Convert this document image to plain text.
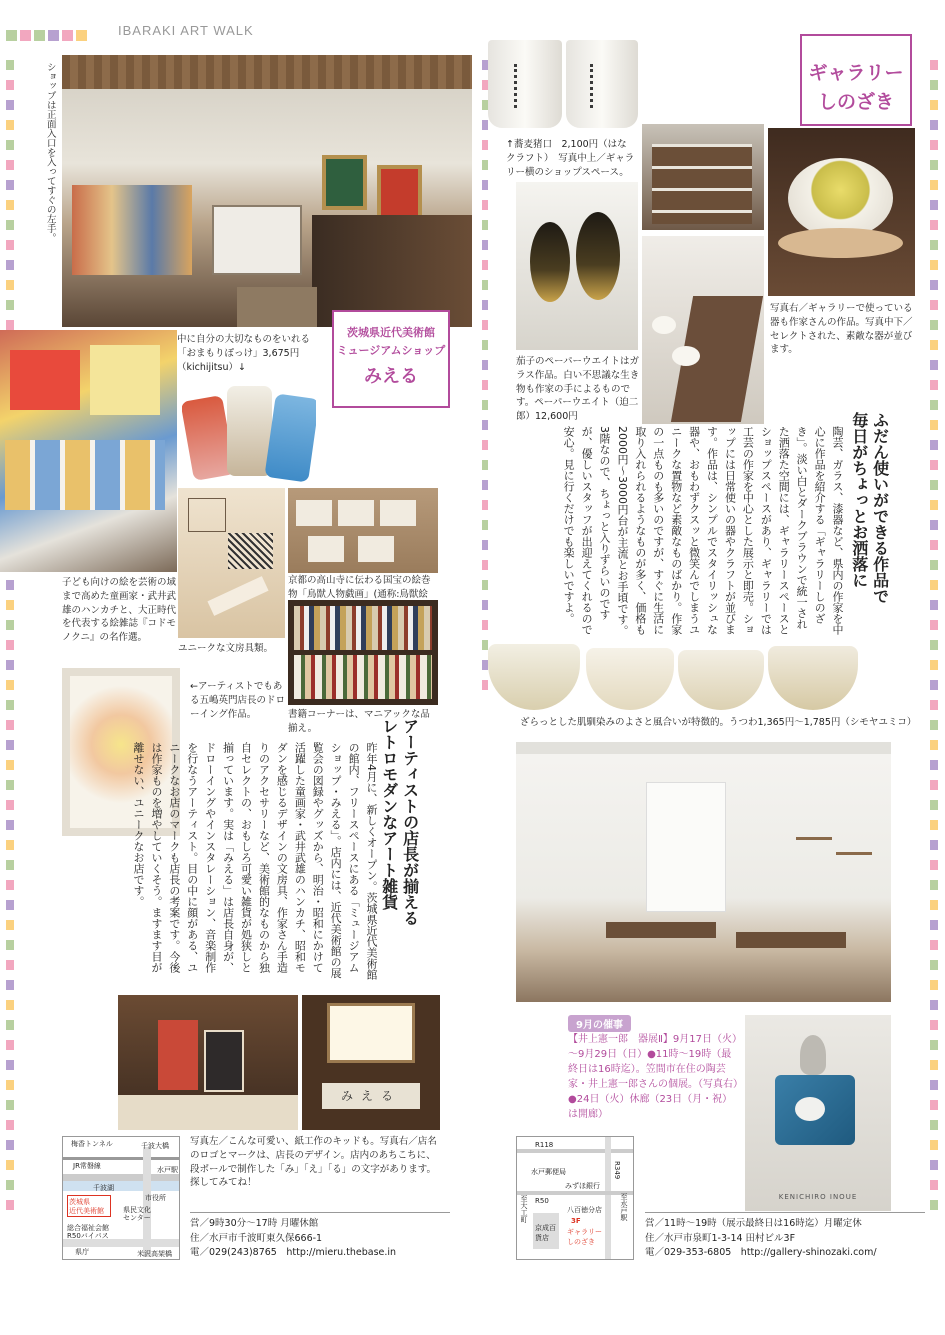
IBARAKI ART WALK
ショップは正面入口を入ってすぐの左手。
子ども向けの絵を芸術の域まで高めた童画家・武井武雄のハンカチと、大正時代を代表する絵雑誌『コドモノクニ』の名作選。
中に自分の大切なものをいれる「おまもりぽっけ」3,675円（kichijitsu）↓
茨城県近代美術館
ミュージアムショップ
みえる
ユニークな文房具類。
京都の高山寺に伝わる国宝の絵巻物「鳥獣人物戯画」(通称:鳥獣絵
書籍コーナーは、マニアックな品揃え。
←アーティストでもある五嶋英門店長のドローイング作品。
アーティストの店長が揃える
レトロモダンなアート雑貨
昨年4月に、新しくオープン。茨城県近代美術館の館内、フリースペースにある「ミュージアムショップ・みえる」。店内には、近代美術館の展覧会の図録やグッズから、明治・昭和にかけて活躍した童画家・武井武雄のハンカチ、昭和モダンを感じるデザインの文房具、作家さん手造りのアクセサリーなど、美術館的なものから独自セレクトの、おもしろ可愛い雑貨が処狭しと揃っています。実は「みえる」は店長自身が、ドローイングやインスタレーション、音楽制作を行なうアーティスト。目の中に顔がある、ユニークなお店のマークも店長の考案です。今後は作家ものを増やしていくそう。ますます目が離せない、ユニークなお店です。
みえる
写真左／こんな可愛い、紙工作のキッドも。写真右／店名のロゴとマークは、店長のデザイン。店内のあちこちに、段ボールで制作した「み」「え」「る」の文字があります。探してみてね！
梅香トンネル	千波大橋
JR常磐線	水戸駅
千波湖
市役所
茨城県
近代美術館	県民文化
センター
総合福祉会館
R50バイパス
県庁	米沢高架橋
営／9時30分～17時 月曜休館
住／水戸市千波町東久保666-1
電／029(243)8765　http://mieru.thebase.in
↑蕎麦猪口　2,100円（はなクラフト）　写真中上／ギャラリー横のショップスペース。
ギャラリー
しのざき
写真右／ギャラリーで使っている器も作家さんの作品。写真中下／セレクトされた、素敵な器が並びます。
茄子のペーパーウエイトはガラス作品。白い不思議な生き物も作家の手によるものです。ペーパーウエイト（迫二郎）12,600円	ふだん使いができる作品で
毎日がちょっとお洒落に
陶芸、ガラス、漆器など、県内の作家を中心に作品を紹介する「ギャラリーしのざき」。淡い白とダークブラウンで統一された洒落た空間には、ギャラリースペースとショップスペースがあり、ギャラリーでは工芸の作家を中心とした展示と即売。ショップには日常使いの器やクラフトが並びます。作品は、シンプルでスタイリッシュな器や、おもわずクスッと微笑んでしまうユニークな置物など素敵なものばかり。作家の一点ものも多いのですが、すぐに生活に取り入れられるようなものが多く、価格も2000円～3000円台が主流とお手頃です。3階なので、ちょっと入りずらいのですが、優しいスタッフが出迎えてくれるので安心。見に行くだけでも楽しいですよ。
ざらっとした肌馴染みのよさと風合いが特徴的。うつわ1,365円～1,785円（シモヤユミコ）
9月の催事
【井上憲一郎　器展Ⅱ】9月17日（火）～9月29日（日）●11時～19時（最終日は16時迄）。笠間市在住の陶芸家・井上憲一郎さんの個展。（写真右）●24日（火）休廊（23日（月・祝）は開廊）
KENICHIRO INOUE
R118
水戸郵便局	R349
至大工町 R50
みずほ銀行
至水戸駅
八百徳分店
京成百貨店
3F
ギャラリーしのざき
営／11時～19時（展示最終日は16時迄）月曜定休
住／水戸市泉町1-3-14 田村ビル3F
電／029-353-6805　http://gallery-shinozaki.com/
